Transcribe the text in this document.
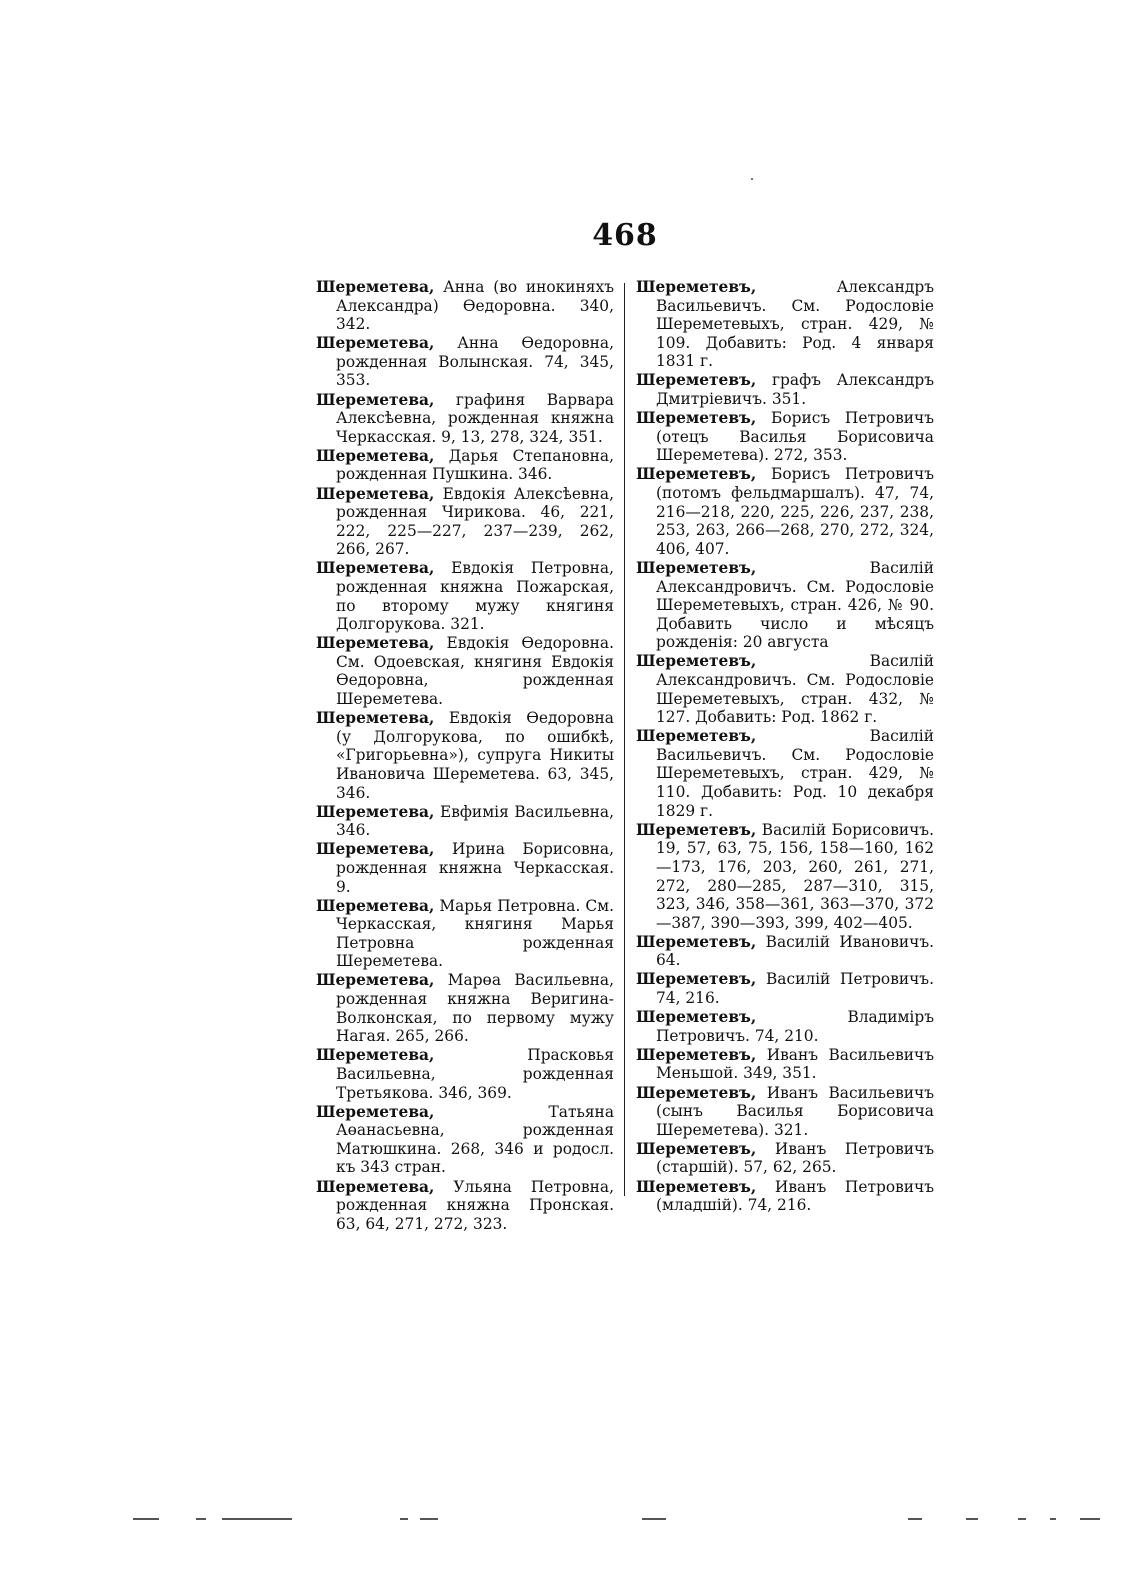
468

Шереметева, Анна (во инокиняхъ Александра) Өедоровна. 340, 342.

Шереметева, Анна Өедоровна, рожденная Волынская. 74, 345, 353.

Шереметева, графиня Варвара Алексѣевна, рожденная княжна Черкасская. 9, 13, 278, 324, 351.

Шереметева, Дарья Степановна, рожденная Пушкина. 346.

Шереметева, Евдокія Алексѣевна, рожденная Чирикова. 46, 221, 222, 225—227, 237—239, 262, 266, 267.

Шереметева, Евдокія Петровна, рожденная княжна Пожарская, по второму мужу княгиня Долгорукова. 321.

Шереметева, Евдокія Өедоровна. См. Одоевская, княгиня Евдокія Өедоровна, рожденная Шереметева.

Шереметева, Евдокія Өедоровна (у Долгорукова, по ошибкѣ, «Григорьевна»), супруга Никиты Ивановича Шереметева. 63, 345, 346.

Шереметева, Евфимія Васильевна, 346.

Шереметева, Ирина Борисовна, рожденная княжна Черкасская. 9.

Шереметева, Марья Петровна. См. Черкасская, княгиня Марья Петровна рожденная Шереметева.

Шереметева, Марөа Васильевна, рожденная княжна Веригина-Волконская, по первому мужу Нагая. 265, 266.

Шереметева,	Прасковья Васильевна, рожденная Третьякова. 346, 369.

Шереметева,	Татьяна Аөанасьевна, рожденная Матюшкина. 268, 346 и родосл. къ 343 стран.

Шереметева, Ульяна Петровна, рожденная княжна Пронская. 63, 64, 271, 272, 323.

Шереметевъ,	Александръ Васильевичъ. См. Родословіе Шереметевыхъ, стран. 429, № 109. Добавить: Род. 4 января 1831 г.

Шереметевъ, графъ Александръ Дмитріевичъ. 351.

Шереметевъ, Борисъ Петровичъ (отецъ Василья Борисовича Шереметева). 272, 353.

Шереметевъ, Борисъ Петровичъ (потомъ фельдмаршалъ). 47, 74, 216—218, 220, 225, 226, 237, 238, 253, 263, 266—268, 270, 272, 324, 406, 407.

Шереметевъ,	Василій Александровичъ. См. Родословіе Шереметевыхъ, стран. 426, № 90. Добавить число и мѣсяцъ рожденія: 20 августа

Шереметевъ,	Василій Александровичъ. См. Родословіе Шереметевыхъ, стран. 432, № 127. Добавить: Род. 1862 г.

Шереметевъ,	Василій Васильевичъ. См. Родословіе Шереметевыхъ, стран. 429, № 110. Добавить: Род. 10 декабря 1829 г.

Шереметевъ, Василій Борисовичъ. 19, 57, 63, 75, 156, 158—160, 162—173, 176, 203, 260, 261, 271, 272, 280—285, 287—310, 315, 323, 346, 358—361, 363—370, 372—387, 390—393, 399, 402—405.

Шереметевъ, Василій Ивановичъ. 64.

Шереметевъ, Василій Петровичъ. 74, 216.

Шереметевъ,	Владиміръ Петровичъ. 74, 210.

Шереметевъ, Иванъ Васильевичъ Меньшой. 349, 351.

Шереметевъ, Иванъ Васильевичъ (сынъ Василья Борисовича Шереметева). 321.

Шереметевъ, Иванъ Петровичъ (старшій). 57, 62, 265.

Шереметевъ, Иванъ Петровичъ (младшій). 74, 216.
